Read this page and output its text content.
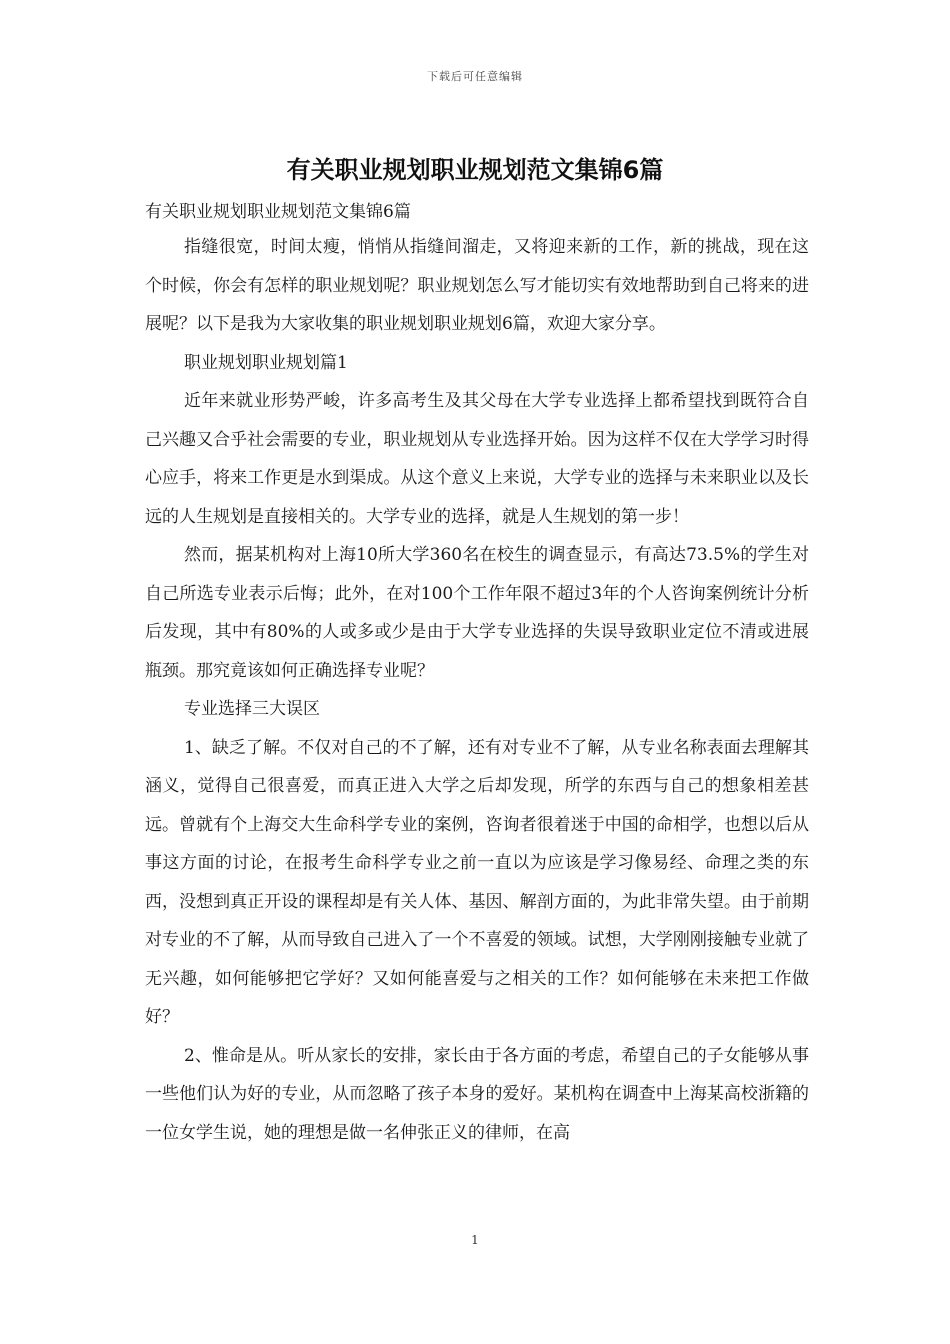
下载后可任意编辑
有关职业规划职业规划范文集锦6篇

有关职业规划职业规划范文集锦6篇

指缝很宽，时间太瘦，悄悄从指缝间溜走，又将迎来新的工作，新的挑战，现在这个时候，你会有怎样的职业规划呢？职业规划怎么写才能切实有效地帮助到自己将来的进展呢？以下是我为大家收集的职业规划职业规划6篇，欢迎大家分享。

职业规划职业规划篇1

近年来就业形势严峻，许多高考生及其父母在大学专业选择上都希望找到既符合自己兴趣又合乎社会需要的专业，职业规划从专业选择开始。因为这样不仅在大学学习时得心应手，将来工作更是水到渠成。从这个意义上来说，大学专业的选择与未来职业以及长远的人生规划是直接相关的。大学专业的选择，就是人生规划的第一步！

然而，据某机构对上海10所大学360名在校生的调查显示，有高达73.5%的学生对自己所选专业表示后悔；此外，在对100个工作年限不超过3年的个人咨询案例统计分析后发现，其中有80%的人或多或少是由于大学专业选择的失误导致职业定位不清或进展瓶颈。那究竟该如何正确选择专业呢？

专业选择三大误区

1、缺乏了解。不仅对自己的不了解，还有对专业不了解，从专业名称表面去理解其涵义，觉得自己很喜爱，而真正进入大学之后却发现，所学的东西与自己的想象相差甚远。曾就有个上海交大生命科学专业的案例，咨询者很着迷于中国的命相学，也想以后从事这方面的讨论，在报考生命科学专业之前一直以为应该是学习像易经、命理之类的东西，没想到真正开设的课程却是有关人体、基因、解剖方面的，为此非常失望。由于前期对专业的不了解，从而导致自己进入了一个不喜爱的领域。试想，大学刚刚接触专业就了无兴趣，如何能够把它学好？又如何能喜爱与之相关的工作？如何能够在未来把工作做好？

2、惟命是从。听从家长的安排，家长由于各方面的考虑，希望自己的子女能够从事一些他们认为好的专业，从而忽略了孩子本身的爱好。某机构在调查中上海某高校浙籍的一位女学生说，她的理想是做一名伸张正义的律师，在高

1
